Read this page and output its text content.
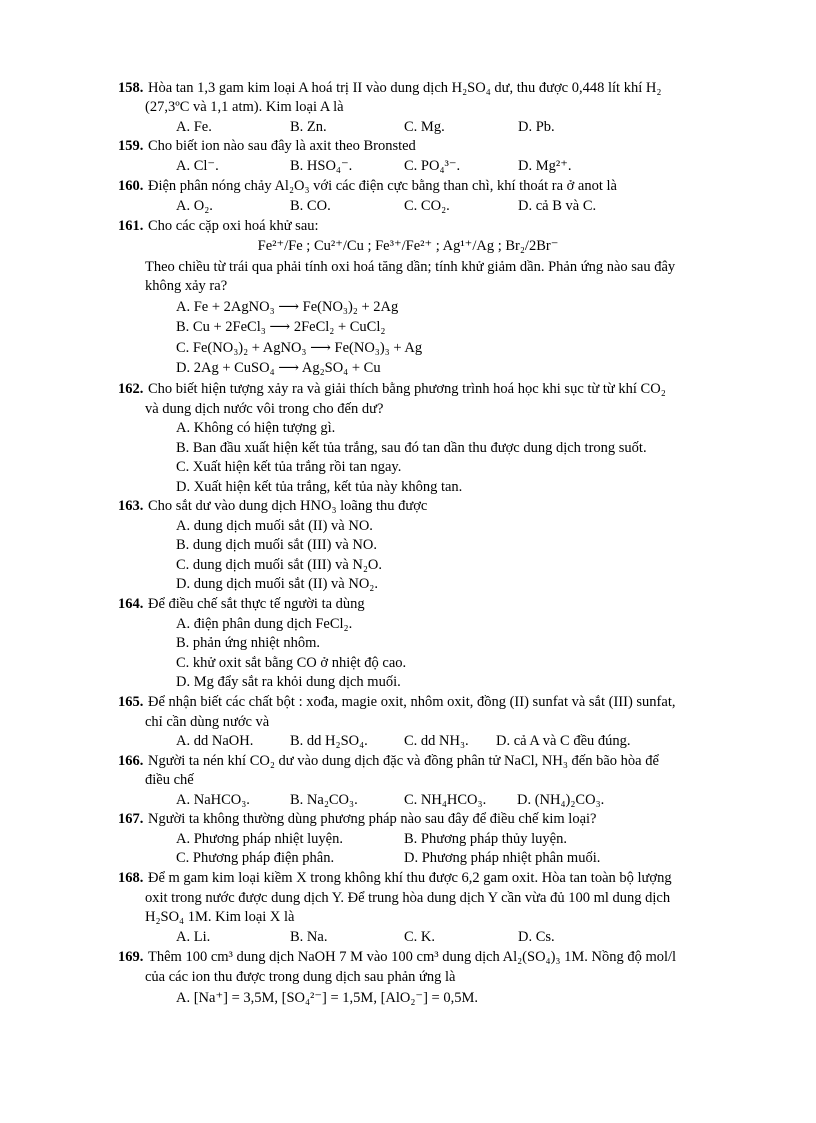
158. Hòa tan 1,3 gam kim loại A hoá trị II vào dung dịch H₂SO₄ dư, thu được 0,448 lít khí H₂
(27,3ºC và 1,1 atm). Kim loại A là
A. Fe.	B. Zn.	C. Mg.	D. Pb.
159. Cho biết ion nào sau đây là axit theo Bronsted
A. Cl⁻.	B. HSO₄⁻.	C. PO₄³⁻.	D. Mg²⁺.
160. Điện phân nóng chảy Al₂O₃ với các điện cực bằng than chì, khí thoát ra ở anot là
A. O₂.	B. CO.	C. CO₂.	D. cả B và C.
161. Cho các cặp oxi hoá khử sau:
Fe²⁺/Fe ; Cu²⁺/Cu ; Fe³⁺/Fe²⁺ ; Ag¹⁺/Ag ; Br₂/2Br⁻
Theo chiều từ trái qua phải tính oxi hoá tăng dần; tính khử giảm dần. Phản ứng nào sau đây
không xảy ra?
A. Fe + 2AgNO₃ ⟶ Fe(NO₃)₂ + 2Ag
B. Cu + 2FeCl₃ ⟶ 2FeCl₂ + CuCl₂
C. Fe(NO₃)₂ + AgNO₃ ⟶ Fe(NO₃)₃ + Ag
D. 2Ag + CuSO₄ ⟶ Ag₂SO₄ + Cu
162. Cho biết hiện tượng xảy ra và giải thích bằng phương trình hoá học khi sục từ từ khí CO₂
và dung dịch nước vôi trong cho đến dư?
A. Không có hiện tượng gì.
B. Ban đầu xuất hiện kết tủa trắng, sau đó tan dần thu được dung dịch trong suốt.
C. Xuất hiện kết tủa trắng rồi tan ngay.
D. Xuất hiện kết tủa trắng, kết tủa này không tan.
163. Cho sắt dư vào dung dịch HNO₃ loãng thu được
A. dung dịch muối sắt (II) và NO.
B. dung dịch muối sắt (III) và NO.
C. dung dịch muối sắt (III) và N₂O.
D. dung dịch muối sắt (II) và NO₂.
164. Để điều chế sắt thực tế người ta dùng
A. điện phân dung dịch FeCl₂.
B. phản ứng nhiệt nhôm.
C. khử oxit sắt bằng CO ở nhiệt độ cao.
D. Mg đẩy sắt ra khỏi dung dịch muối.
165. Để nhận biết các chất bột : xođa, magie oxit, nhôm oxit, đồng (II) sunfat và sắt (III) sunfat,
chỉ cần dùng nước và
A. dd NaOH.	B. dd H₂SO₄. C. dd NH₃. D. cả A và C đều đúng.
166. Người ta nén khí CO₂ dư vào dung dịch đặc và đồng phân tử NaCl, NH₃ đến bão hòa để
điều chế
A. NaHCO₃.	B. Na₂CO₃.	C. NH₄HCO₃. D. (NH₄)₂CO₃.
167. Người ta không thường dùng phương pháp nào sau đây để điều chế kim loại?
A. Phương pháp nhiệt luyện.	B. Phương pháp thủy luyện.
C. Phương pháp điện phân.	D. Phương pháp nhiệt phân muối.
168. Để m gam kim loại kiềm X trong không khí thu được 6,2 gam oxit. Hòa tan toàn bộ lượng
oxit trong nước được dung dịch Y. Để trung hòa dung dịch Y cần vừa đủ 100 ml dung dịch
H₂SO₄ 1M. Kim loại X là
A. Li.	B. Na.	C. K.	D. Cs.
169. Thêm 100 cm³ dung dịch NaOH 7 M vào 100 cm³ dung dịch Al₂(SO₄)₃ 1M. Nồng độ mol/l
của các ion thu được trong dung dịch sau phản ứng là
A. [Na⁺] = 3,5M, [SO₄²⁻] = 1,5M, [AlO₂⁻] = 0,5M.
